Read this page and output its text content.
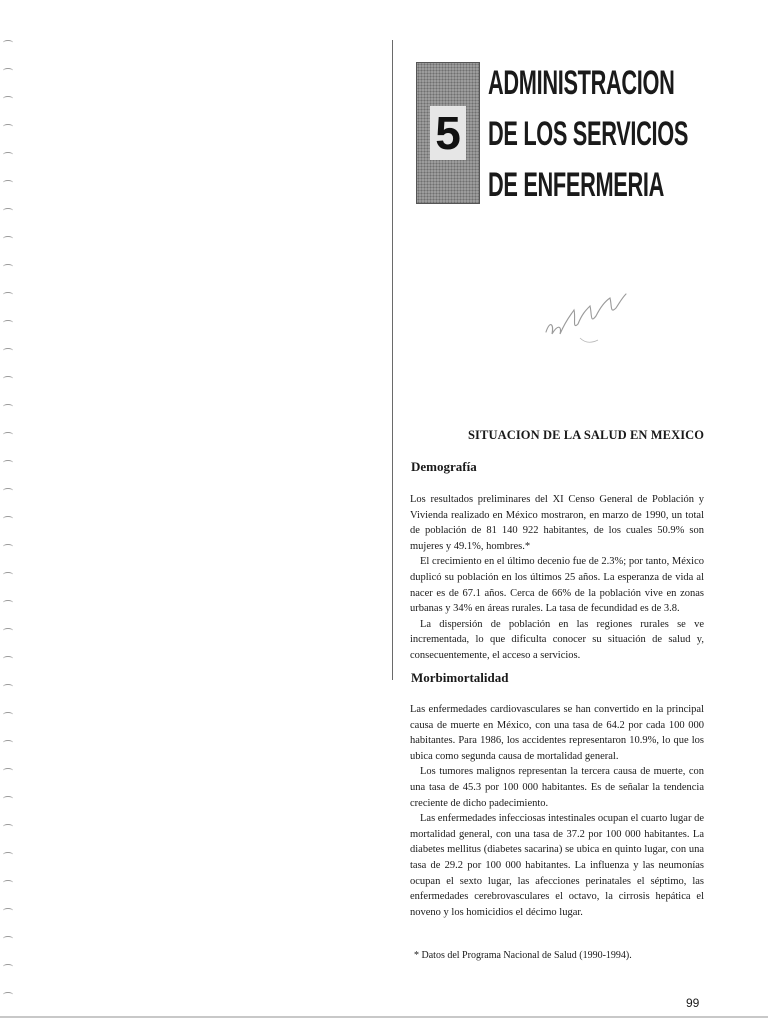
5
ADMINISTRACION
DE LOS SERVICIOS
DE ENFERMERIA
SITUACION DE LA SALUD EN MEXICO
Demografía

Los resultados preliminares del XI Censo General de Población y Vivienda realizado en México mostraron, en marzo de 1990, un total de población de 81 140 922 habitantes, de los cuales 50.9% son mujeres y 49.1%, hombres.*

El crecimiento en el último decenio fue de 2.3%; por tanto, México duplicó su población en los últimos 25 años. La esperanza de vida al nacer es de 67.1 años. Cerca de 66% de la población vive en zonas urbanas y 34% en áreas rurales. La tasa de fecundidad es de 3.8.

La dispersión de población en las regiones rurales se ve incrementada, lo que dificulta conocer su situación de salud y, consecuentemente, el acceso a servicios.

Morbimortalidad

Las enfermedades cardiovasculares se han convertido en la principal causa de muerte en México, con una tasa de 64.2 por cada 100 000 habitantes. Para 1986, los accidentes representaron 10.9%, lo que los ubica como segunda causa de mortalidad general.

Los tumores malignos representan la tercera causa de muerte, con una tasa de 45.3 por 100 000 habitantes. Es de señalar la tendencia creciente de dicho padecimiento.

Las enfermedades infecciosas intestinales ocupan el cuarto lugar de mortalidad general, con una tasa de 37.2 por 100 000 habitantes. La diabetes mellitus (diabetes sacarina) se ubica en quinto lugar, con una tasa de 29.2 por 100 000 habitantes. La influenza y las neumonías ocupan el sexto lugar, las afecciones perinatales el séptimo, las enfermedades cerebrovasculares el octavo, la cirrosis hepática el noveno y los homicidios el décimo lugar.

* Datos del Programa Nacional de Salud (1990-1994).
99
